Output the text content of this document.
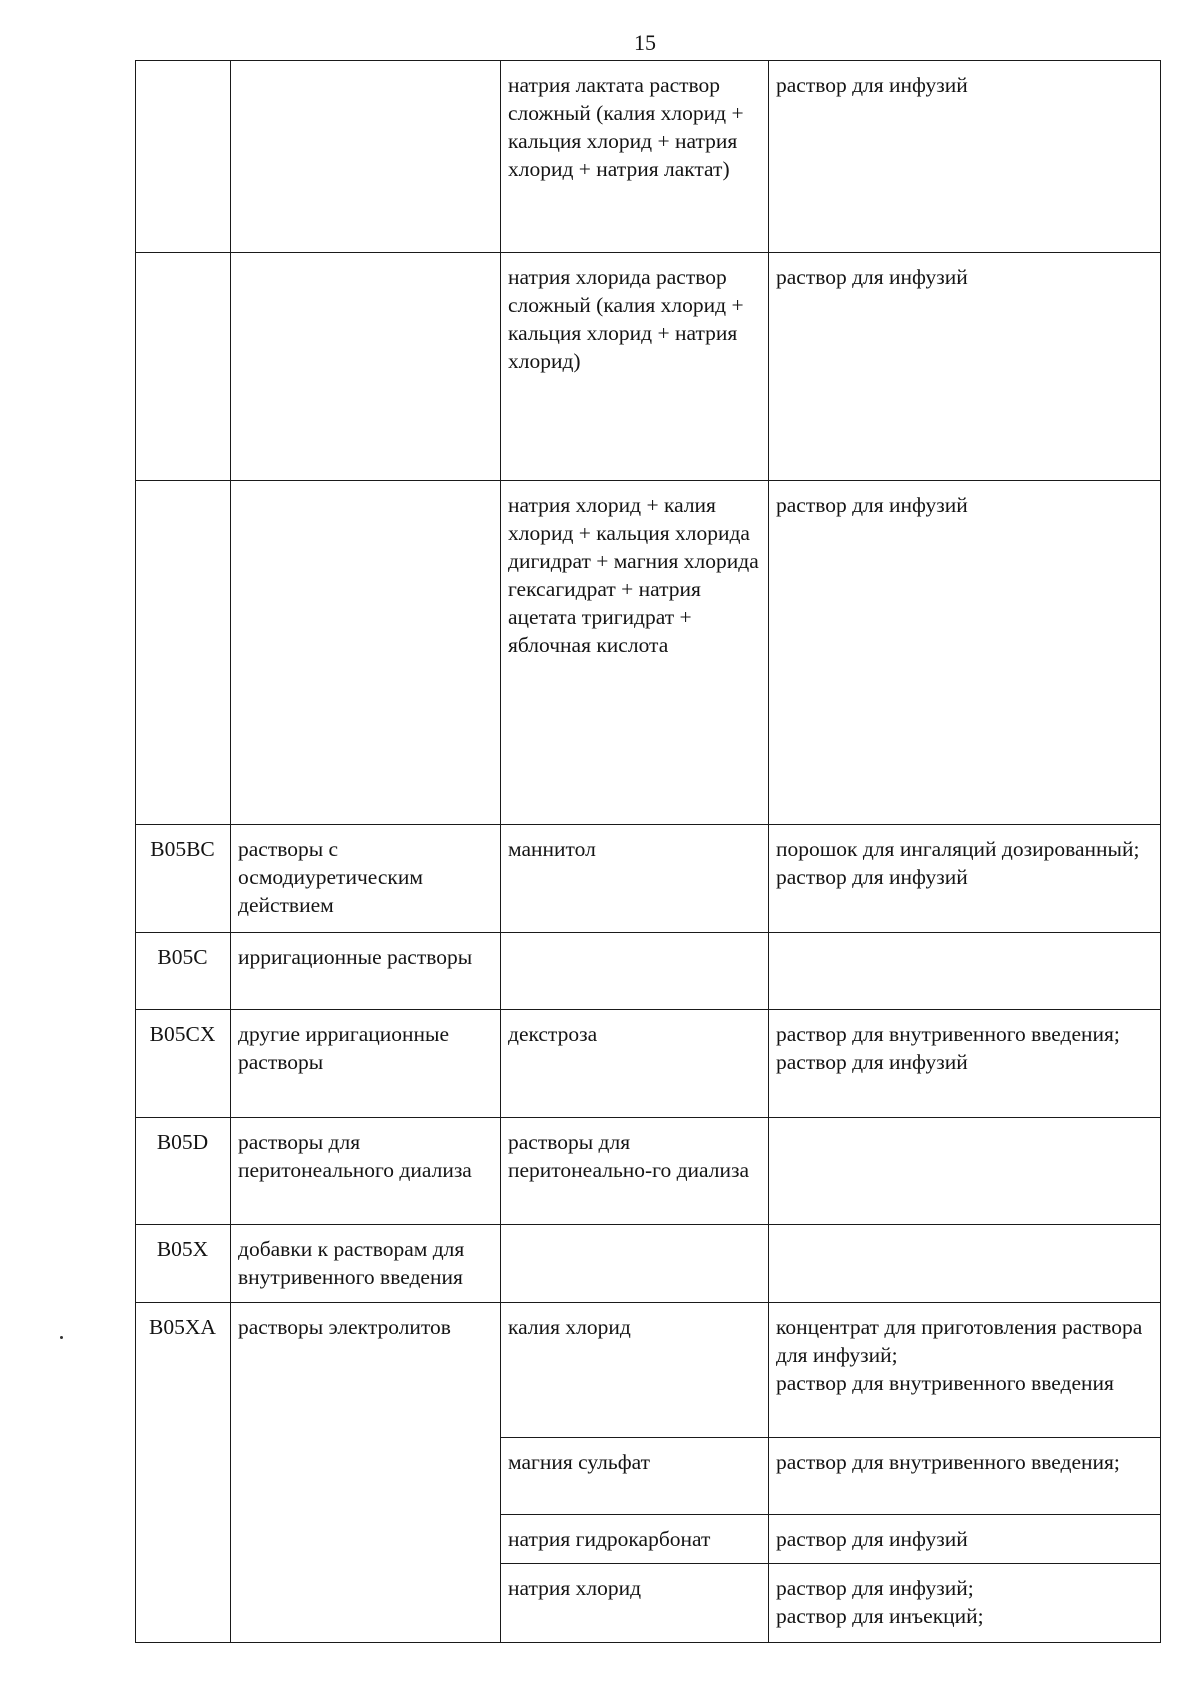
15
		натрия лактата раствор сложный (калия хлорид + кальция хлорид + натрия хлорид + натрия лактат)	раствор для инфузий

		натрия хлорида раствор сложный (калия хлорид + кальция хлорид + натрия хлорид)	раствор для инфузий

		натрия хлорид + калия хлорид + кальция хлорида дигидрат + магния хлорида гексагидрат + натрия ацетата тригидрат + яблочная кислота	раствор для инфузий

B05BC	растворы с осмодиуретическим действием	маннитол	порошок для ингаляций дозированный;
раствор для инфузий

B05C	ирригационные растворы		
B05CX	другие ирригационные растворы	декстроза	раствор для внутривенного введения;
раствор для инфузий

B05D	растворы для перитонеального диализа	растворы для перитонеально-го диализа	
B05X	добавки к растворам для внутривенного введения		
B05XA	растворы электролитов	калия хлорид	концентрат для приготовления раствора для инфузий;
раствор для внутривенного введения

		магния сульфат	раствор для внутривенного введения;

		натрия гидрокарбонат	раствор для инфузий

		натрия хлорид	раствор для инфузий;
раствор для инъекций;
